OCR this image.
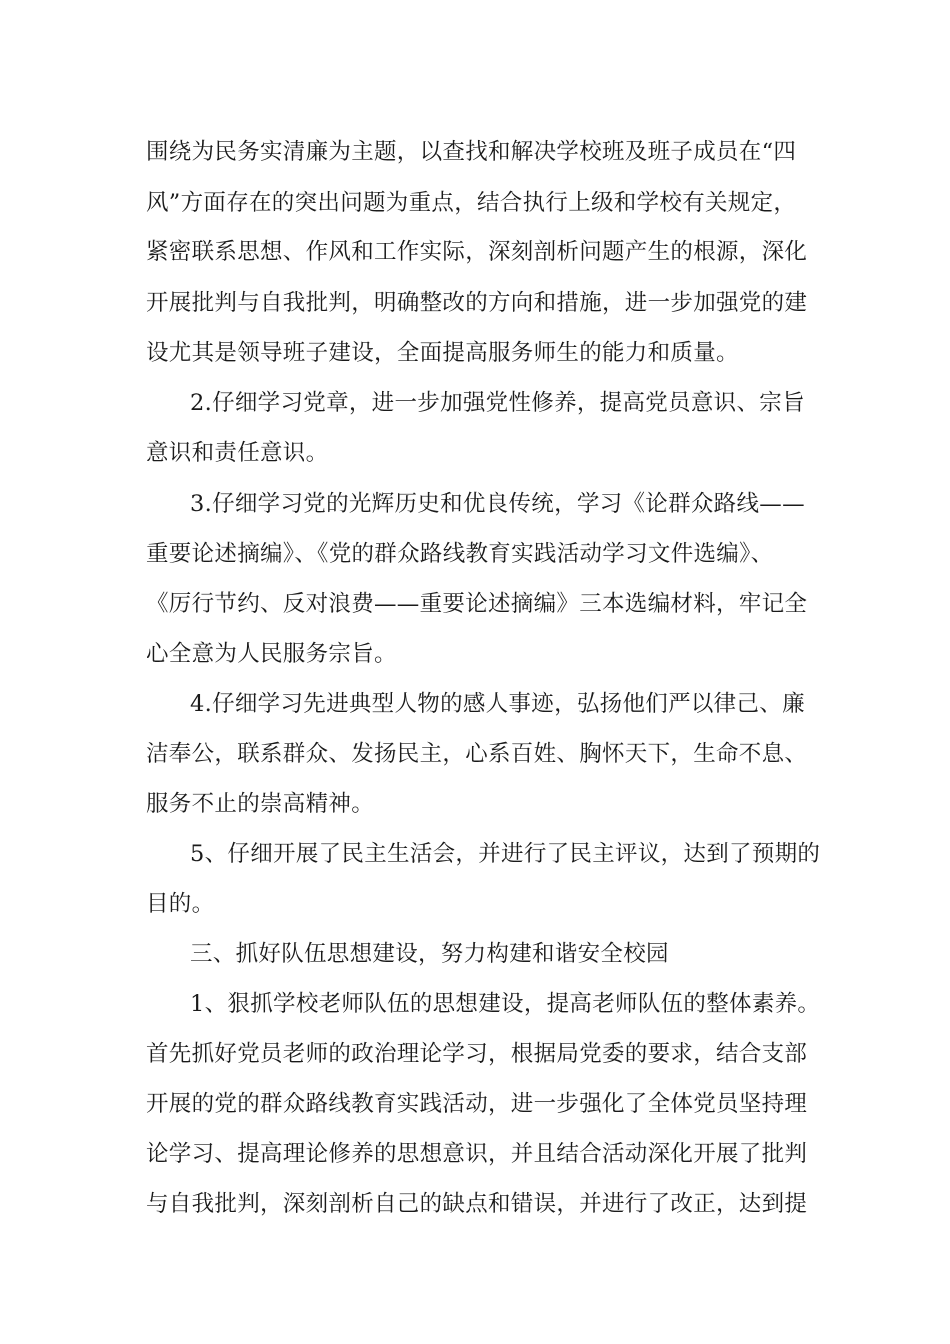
围绕为民务实清廉为主题，以查找和解决学校班及班子成员在“四
风”方面存在的突出问题为重点，结合执行上级和学校有关规定，
紧密联系思想、作风和工作实际，深刻剖析问题产生的根源，深化
开展批判与自我批判，明确整改的方向和措施，进一步加强党的建
设尤其是领导班子建设，全面提高服务师生的能力和质量。
2.仔细学习党章，进一步加强党性修养，提高党员意识、宗旨
意识和责任意识。
3.仔细学习党的光辉历史和优良传统，学习《论群众路线——
重要论述摘编》、《党的群众路线教育实践活动学习文件选编》、
《厉行节约、反对浪费——重要论述摘编》三本选编材料，牢记全
心全意为人民服务宗旨。
4.仔细学习先进典型人物的感人事迹，弘扬他们严以律己、廉
洁奉公，联系群众、发扬民主，心系百姓、胸怀天下，生命不息、
服务不止的崇高精神。
5、仔细开展了民主生活会，并进行了民主评议，达到了预期的
目的。
三、抓好队伍思想建设，努力构建和谐安全校园
1、狠抓学校老师队伍的思想建设，提高老师队伍的整体素养。
首先抓好党员老师的政治理论学习，根据局党委的要求，结合支部
开展的党的群众路线教育实践活动，进一步强化了全体党员坚持理
论学习、提高理论修养的思想意识，并且结合活动深化开展了批判
与自我批判，深刻剖析自己的缺点和错误，并进行了改正，达到提
